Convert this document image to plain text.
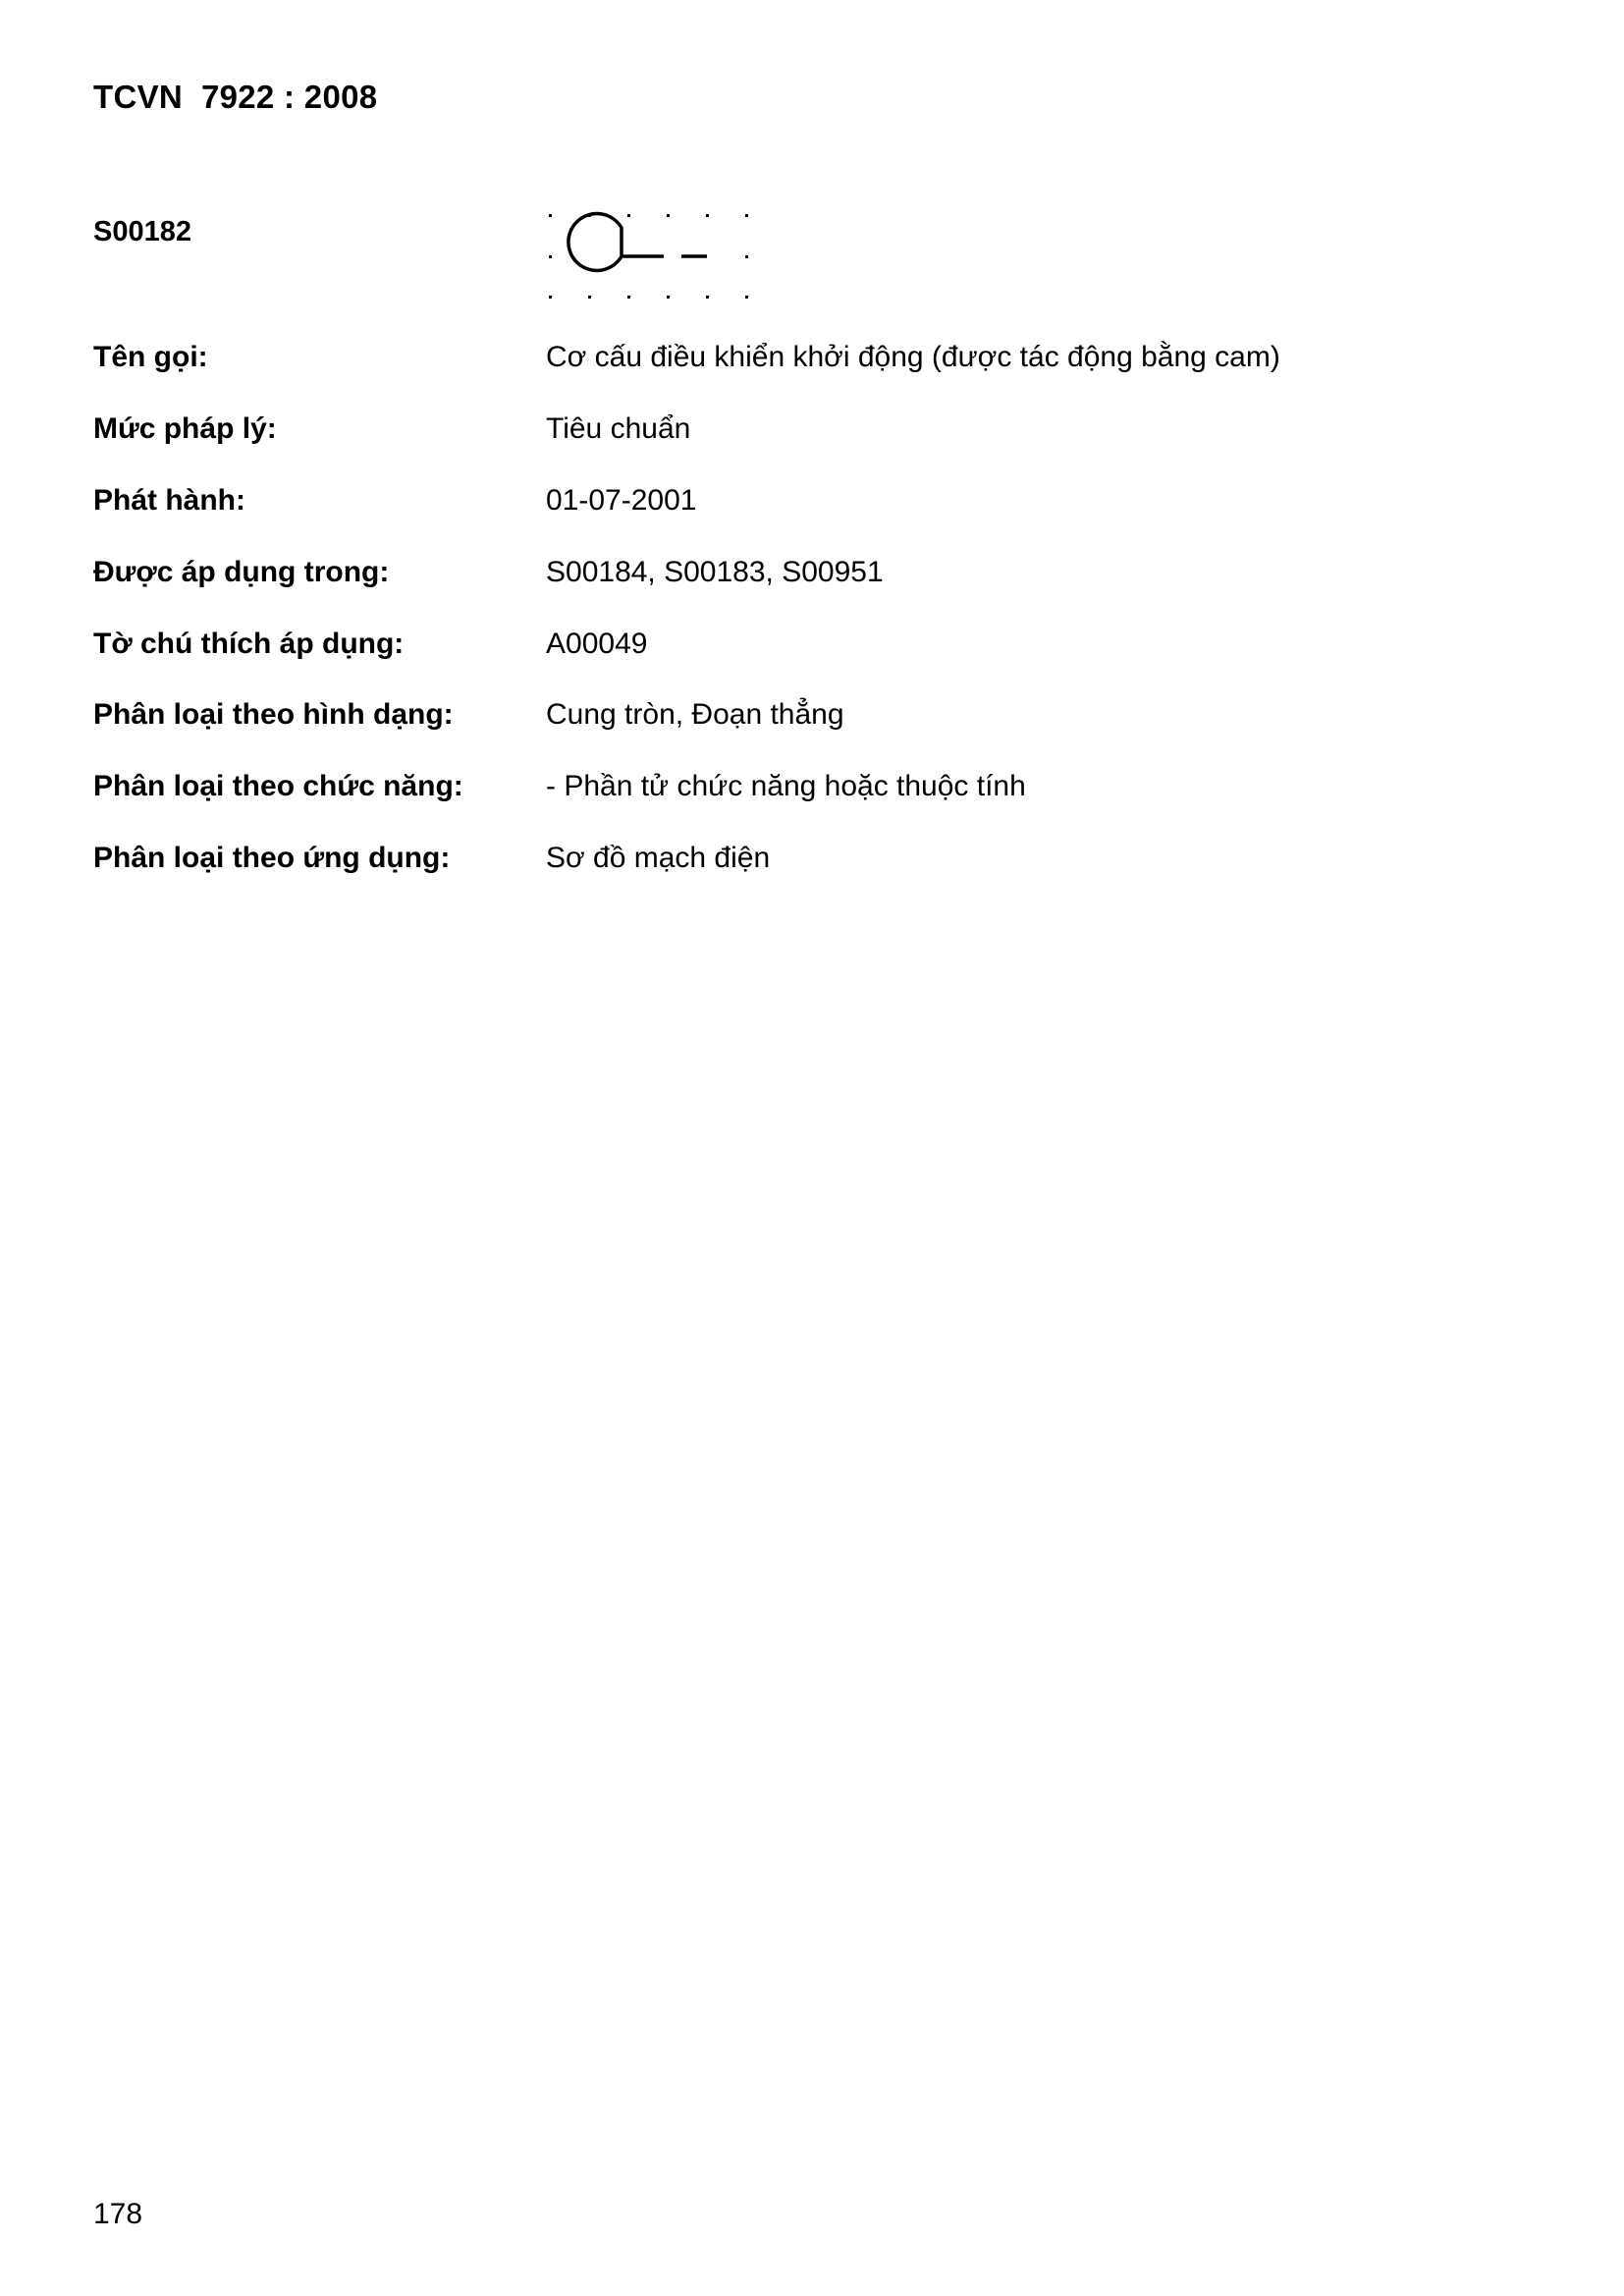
TCVN  7922 : 2008
S00182
Tên gọi:	Cơ cấu điều khiển khởi động (được tác động bằng cam)
Mức pháp lý:	Tiêu chuẩn
Phát hành:	01-07-2001
Được áp dụng trong:	S00184, S00183, S00951
Tờ chú thích áp dụng:	A00049
Phân loại theo hình dạng:	Cung tròn, Đoạn thẳng
Phân loại theo chức năng:	- Phần tử chức năng hoặc thuộc tính
Phân loại theo ứng dụng:	Sơ đồ mạch điện
178
